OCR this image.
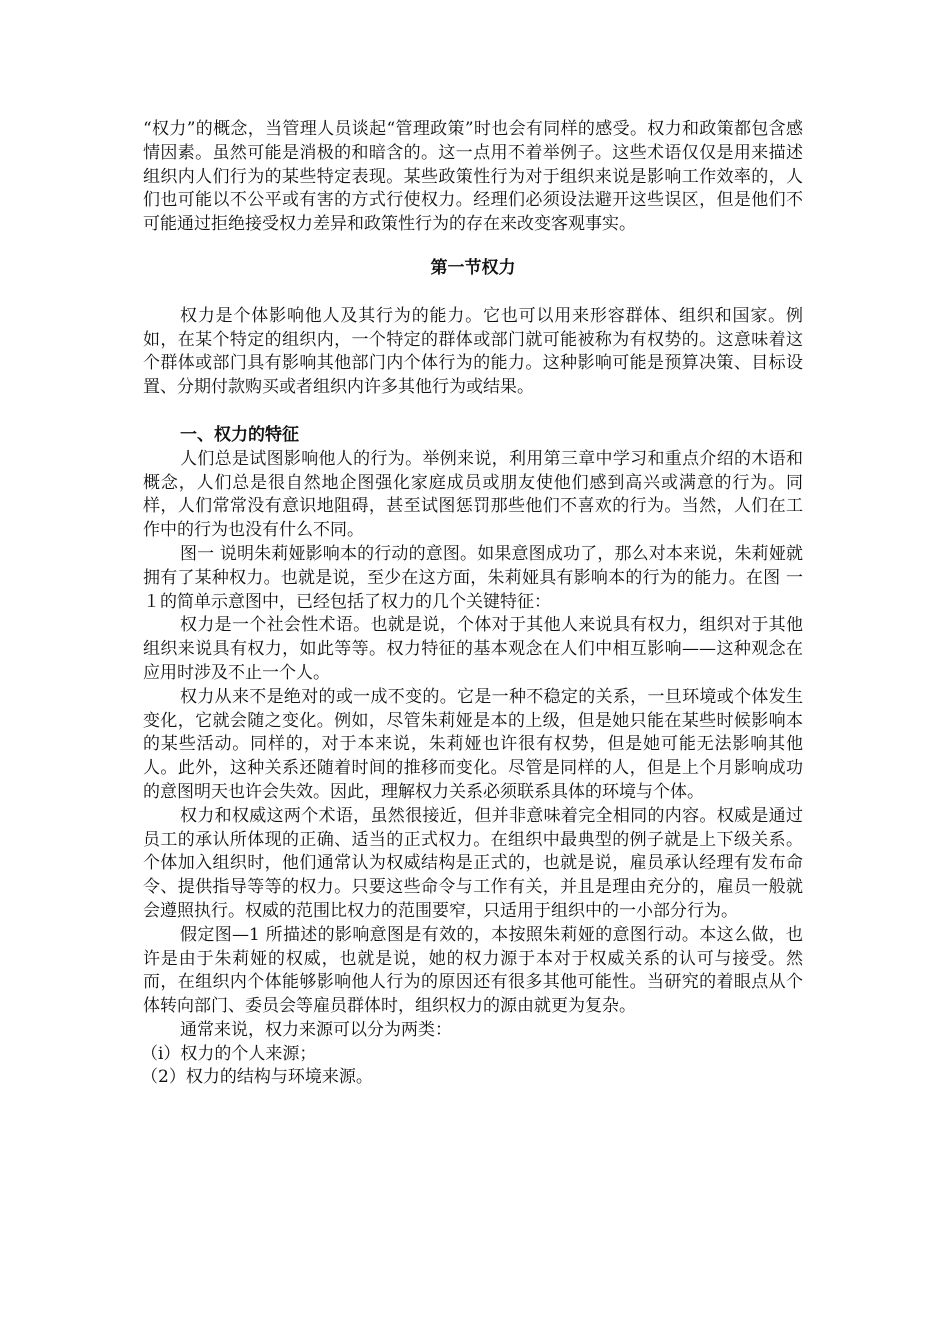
“权力”的概念，当管理人员谈起“管理政策”时也会有同样的感受。权力和政策都包含感情因素。虽然可能是消极的和暗含的。这一点用不着举例子。这些术语仅仅是用来描述组织内人们行为的某些特定表现。某些政策性行为对于组织来说是影响工作效率的，人们也可能以不公平或有害的方式行使权力。经理们必须设法避开这些误区，但是他们不可能通过拒绝接受权力差异和政策性行为的存在来改变客观事实。

第一节权力

权力是个体影响他人及其行为的能力。它也可以用来形容群体、组织和国家。例如，在某个特定的组织内，一个特定的群体或部门就可能被称为有权势的。这意味着这个群体或部门具有影响其他部门内个体行为的能力。这种影响可能是预算决策、目标设置、分期付款购买或者组织内许多其他行为或结果。

一、权力的特征

人们总是试图影响他人的行为。举例来说，利用第三章中学习和重点介绍的木语和概念，人们总是很自然地企图强化家庭成员或朋友使他们感到高兴或满意的行为。同样，人们常常没有意识地阻碍，甚至试图惩罚那些他们不喜欢的行为。当然，人们在工作中的行为也没有什么不同。

图一 说明朱莉娅影响本的行动的意图。如果意图成功了，那么对本来说，朱莉娅就拥有了某种权力。也就是说，至少在这方面，朱莉娅具有影响本的行为的能力。在图 一１的简单示意图中，已经包括了权力的几个关键特征：

权力是一个社会性术语。也就是说，个体对于其他人来说具有权力，组织对于其他组织来说具有权力，如此等等。权力特征的基本观念在人们中相互影响——这种观念在应用时涉及不止一个人。

权力从来不是绝对的或一成不变的。它是一种不稳定的关系，一旦环境或个体发生变化，它就会随之变化。例如，尽管朱莉娅是本的上级，但是她只能在某些时候影响本的某些活动。同样的，对于本来说，朱莉娅也许很有权势，但是她可能无法影响其他人。此外，这种关系还随着时间的推移而变化。尽管是同样的人，但是上个月影响成功的意图明天也许会失效。因此，理解权力关系必须联系具体的环境与个体。

权力和权威这两个术语，虽然很接近，但并非意味着完全相同的内容。权威是通过员工的承认所体现的正确、适当的正式权力。在组织中最典型的例子就是上下级关系。个体加入组织时，他们通常认为权威结构是正式的，也就是说，雇员承认经理有发布命令、提供指导等等的权力。只要这些命令与工作有关，并且是理由充分的，雇员一般就会遵照执行。权威的范围比权力的范围要窄，只适用于组织中的一小部分行为。

假定图—1 所描述的影响意图是有效的，本按照朱莉娅的意图行动。本这么做，也许是由于朱莉娅的权威，也就是说，她的权力源于本对于权威关系的认可与接受。然而，在组织内个体能够影响他人行为的原因还有很多其他可能性。当研究的着眼点从个体转向部门、委员会等雇员群体时，组织权力的源由就更为复杂。

通常来说，权力来源可以分为两类：

（i）权力的个人来源；

（2）权力的结构与环境来源。
